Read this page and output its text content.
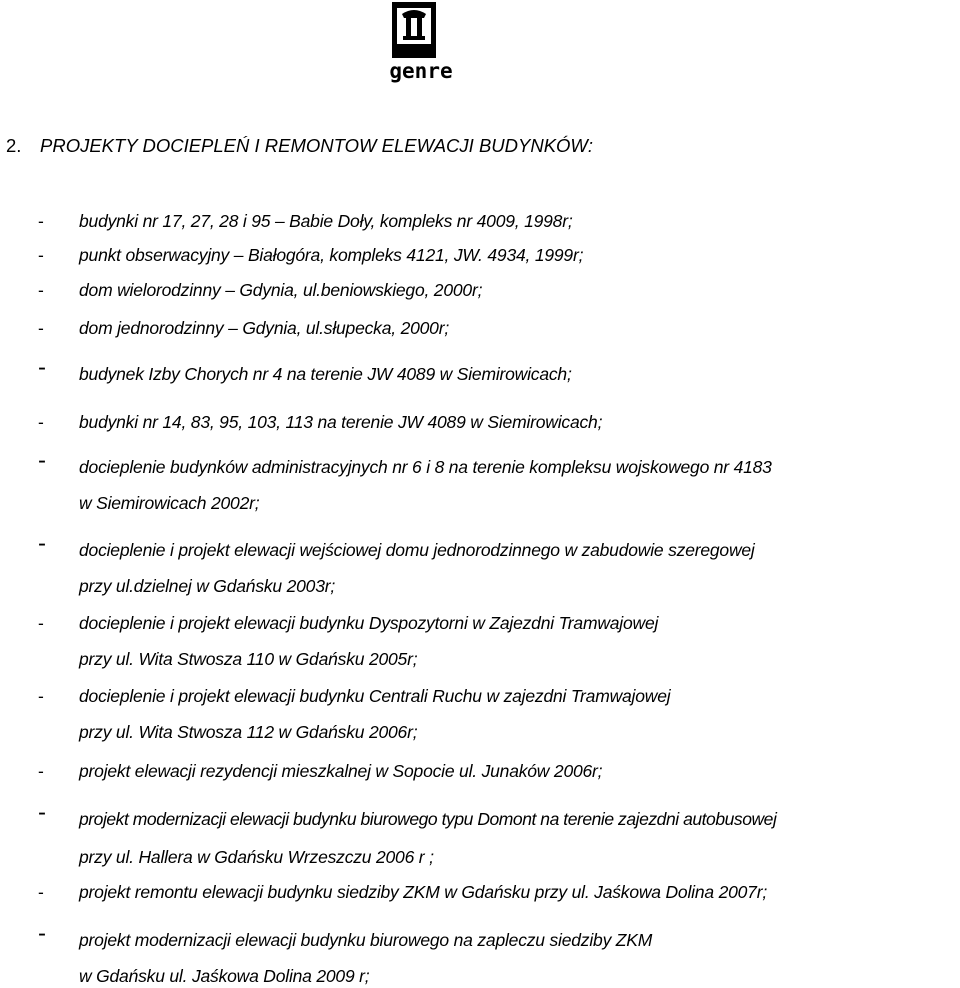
genre
2. PROJEKTY DOCIEPLEŃ I REMONTOW ELEWACJI BUDYNKÓW:
- budynki nr 17, 27, 28 i 95 – Babie Doły, kompleks nr 4009, 1998r;
- punkt obserwacyjny – Białogóra, kompleks 4121, JW. 4934, 1999r;
- dom wielorodzinny – Gdynia, ul.beniowskiego, 2000r;
- dom jednorodzinny – Gdynia, ul.słupecka, 2000r;
- budynek Izby Chorych nr 4 na terenie JW 4089 w Siemirowicach;
- budynki nr 14, 83, 95, 103, 113 na terenie JW 4089 w Siemirowicach;
- docieplenie budynków administracyjnych nr 6 i 8 na terenie kompleksu wojskowego nr 4183
w Siemirowicach 2002r;
- docieplenie i projekt elewacji wejściowej domu jednorodzinnego w zabudowie szeregowej
przy ul.dzielnej w Gdańsku 2003r;
- docieplenie i projekt elewacji budynku Dyspozytorni w Zajezdni Tramwajowej
przy ul. Wita Stwosza 110 w Gdańsku 2005r;
- docieplenie i projekt elewacji budynku Centrali Ruchu w zajezdni Tramwajowej
przy ul. Wita Stwosza 112 w Gdańsku 2006r;
- projekt elewacji rezydencji mieszkalnej w Sopocie ul. Junaków 2006r;
- projekt modernizacji elewacji budynku biurowego typu Domont na terenie zajezdni autobusowej
przy ul. Hallera w Gdańsku Wrzeszczu 2006 r ;
- projekt remontu elewacji budynku siedziby ZKM w Gdańsku przy ul. Jaśkowa Dolina 2007r;
- projekt modernizacji elewacji budynku biurowego na zapleczu siedziby ZKM
w Gdańsku ul. Jaśkowa Dolina 2009 r;
